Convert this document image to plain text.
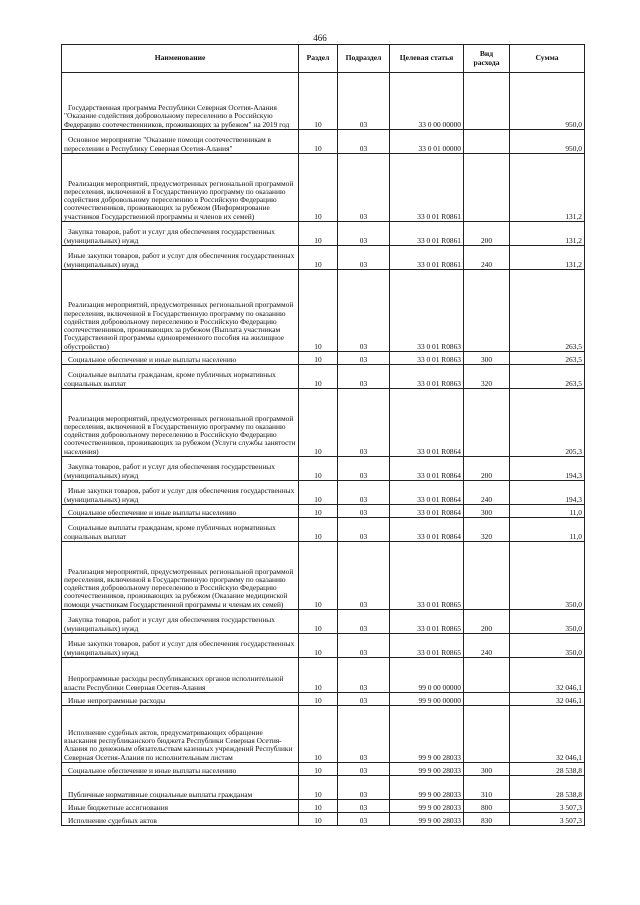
466
Наименование	Раздел	Подраздел	Целевая статья	Вид расхода	Сумма

Государственная программа Республики Северная Осетия-Алания "Оказание содействия добровольному переселению в Российскую Федерацию соотечественников, проживающих за рубежом" на 2019 год	10	03	33 0 00 00000		950,0

Основное мероприятие "Оказание помощи соотечественникам в переселении в Республику Северная Осетия-Алания"	10	03	33 0 01 00000		950,0

Реализация мероприятий, предусмотренных региональной программой переселения, включенной в Государственную программу по оказанию содействия добровольному переселению в Российскую Федерацию соотечественников, проживающих за рубежом (Информирование участников Государственной программы и членов их семей)	10	03	33 0 01 R0861		131,2

Закупка товаров, работ и услуг для обеспечения государственных (муниципальных) нужд	10	03	33 0 01 R0861	200	131,2

Иные закупки товаров, работ и услуг для обеспечения государственных (муниципальных) нужд	10	03	33 0 01 R0861	240	131,2

Реализация мероприятий, предусмотренных региональной программой переселения, включенной в Государственную программу по оказанию содействия добровольному переселению в Российскую Федерацию соотечественников, проживающих за рубежом (Выплата участникам Государственной программы единовременного пособия на жилищное обустройство)	10	03	33 0 01 R0863		263,5

Социальное обеспечение и иные выплаты населению	10	03	33 0 01 R0863	300	263,5

Социальные выплаты гражданам, кроме публичных нормативных социальных выплат	10	03	33 0 01 R0863	320	263,5

Реализация мероприятий, предусмотренных региональной программой переселения, включенной в Государственную программу по оказанию содействия добровольному переселению в Российскую Федерацию соотечественников, проживающих за рубежом (Услуги службы занятости населения)	10	03	33 0 01 R0864		205,3

Закупка товаров, работ и услуг для обеспечения государственных (муниципальных) нужд	10	03	33 0 01 R0864	200	194,3

Иные закупки товаров, работ и услуг для обеспечения государственных (муниципальных) нужд	10	03	33 0 01 R0864	240	194,3

Социальное обеспечение и иные выплаты населению	10	03	33 0 01 R0864	300	11,0

Социальные выплаты гражданам, кроме публичных нормативных социальных выплат	10	03	33 0 01 R0864	320	11,0

Реализация мероприятий, предусмотренных региональной программой переселения, включенной в Государственную программу по оказанию содействия добровольному переселению в Российскую Федерацию соотечественников, проживающих за рубежом (Оказание медицинской помощи участникам Государственной программы и членам их семей)	10	03	33 0 01 R0865		350,0

Закупка товаров, работ и услуг для обеспечения государственных (муниципальных) нужд	10	03	33 0 01 R0865	200	350,0

Иные закупки товаров, работ и услуг для обеспечения государственных (муниципальных) нужд	10	03	33 0 01 R0865	240	350,0

Непрограммные расходы республиканских органов исполнительной власти Республики Северная Осетия-Алания	10	03	99 0 00 00000		32 046,1

Иные непрограммные расходы	10	03	99 9 00 00000		32 046,1

Исполнение судебных актов, предусматривающих обращение взыскания республиканского бюджета Республики Северная Осетия-Алания по денежным обязательствам казенных учреждений Республики Северная Осетия-Алания по исполнительным листам	10	03	99 9 00 28033		32 046,1

Социальное обеспечение и иные выплаты населению	10	03	99 9 00 28033	300	28 538,8

Публичные нормативные социальные выплаты гражданам	10	03	99 9 00 28033	310	28 538,8

Иные бюджетные ассигнования	10	03	99 9 00 28033	800	3 507,3

Исполнение судебных актов	10	03	99 9 00 28033	830	3 507,3
